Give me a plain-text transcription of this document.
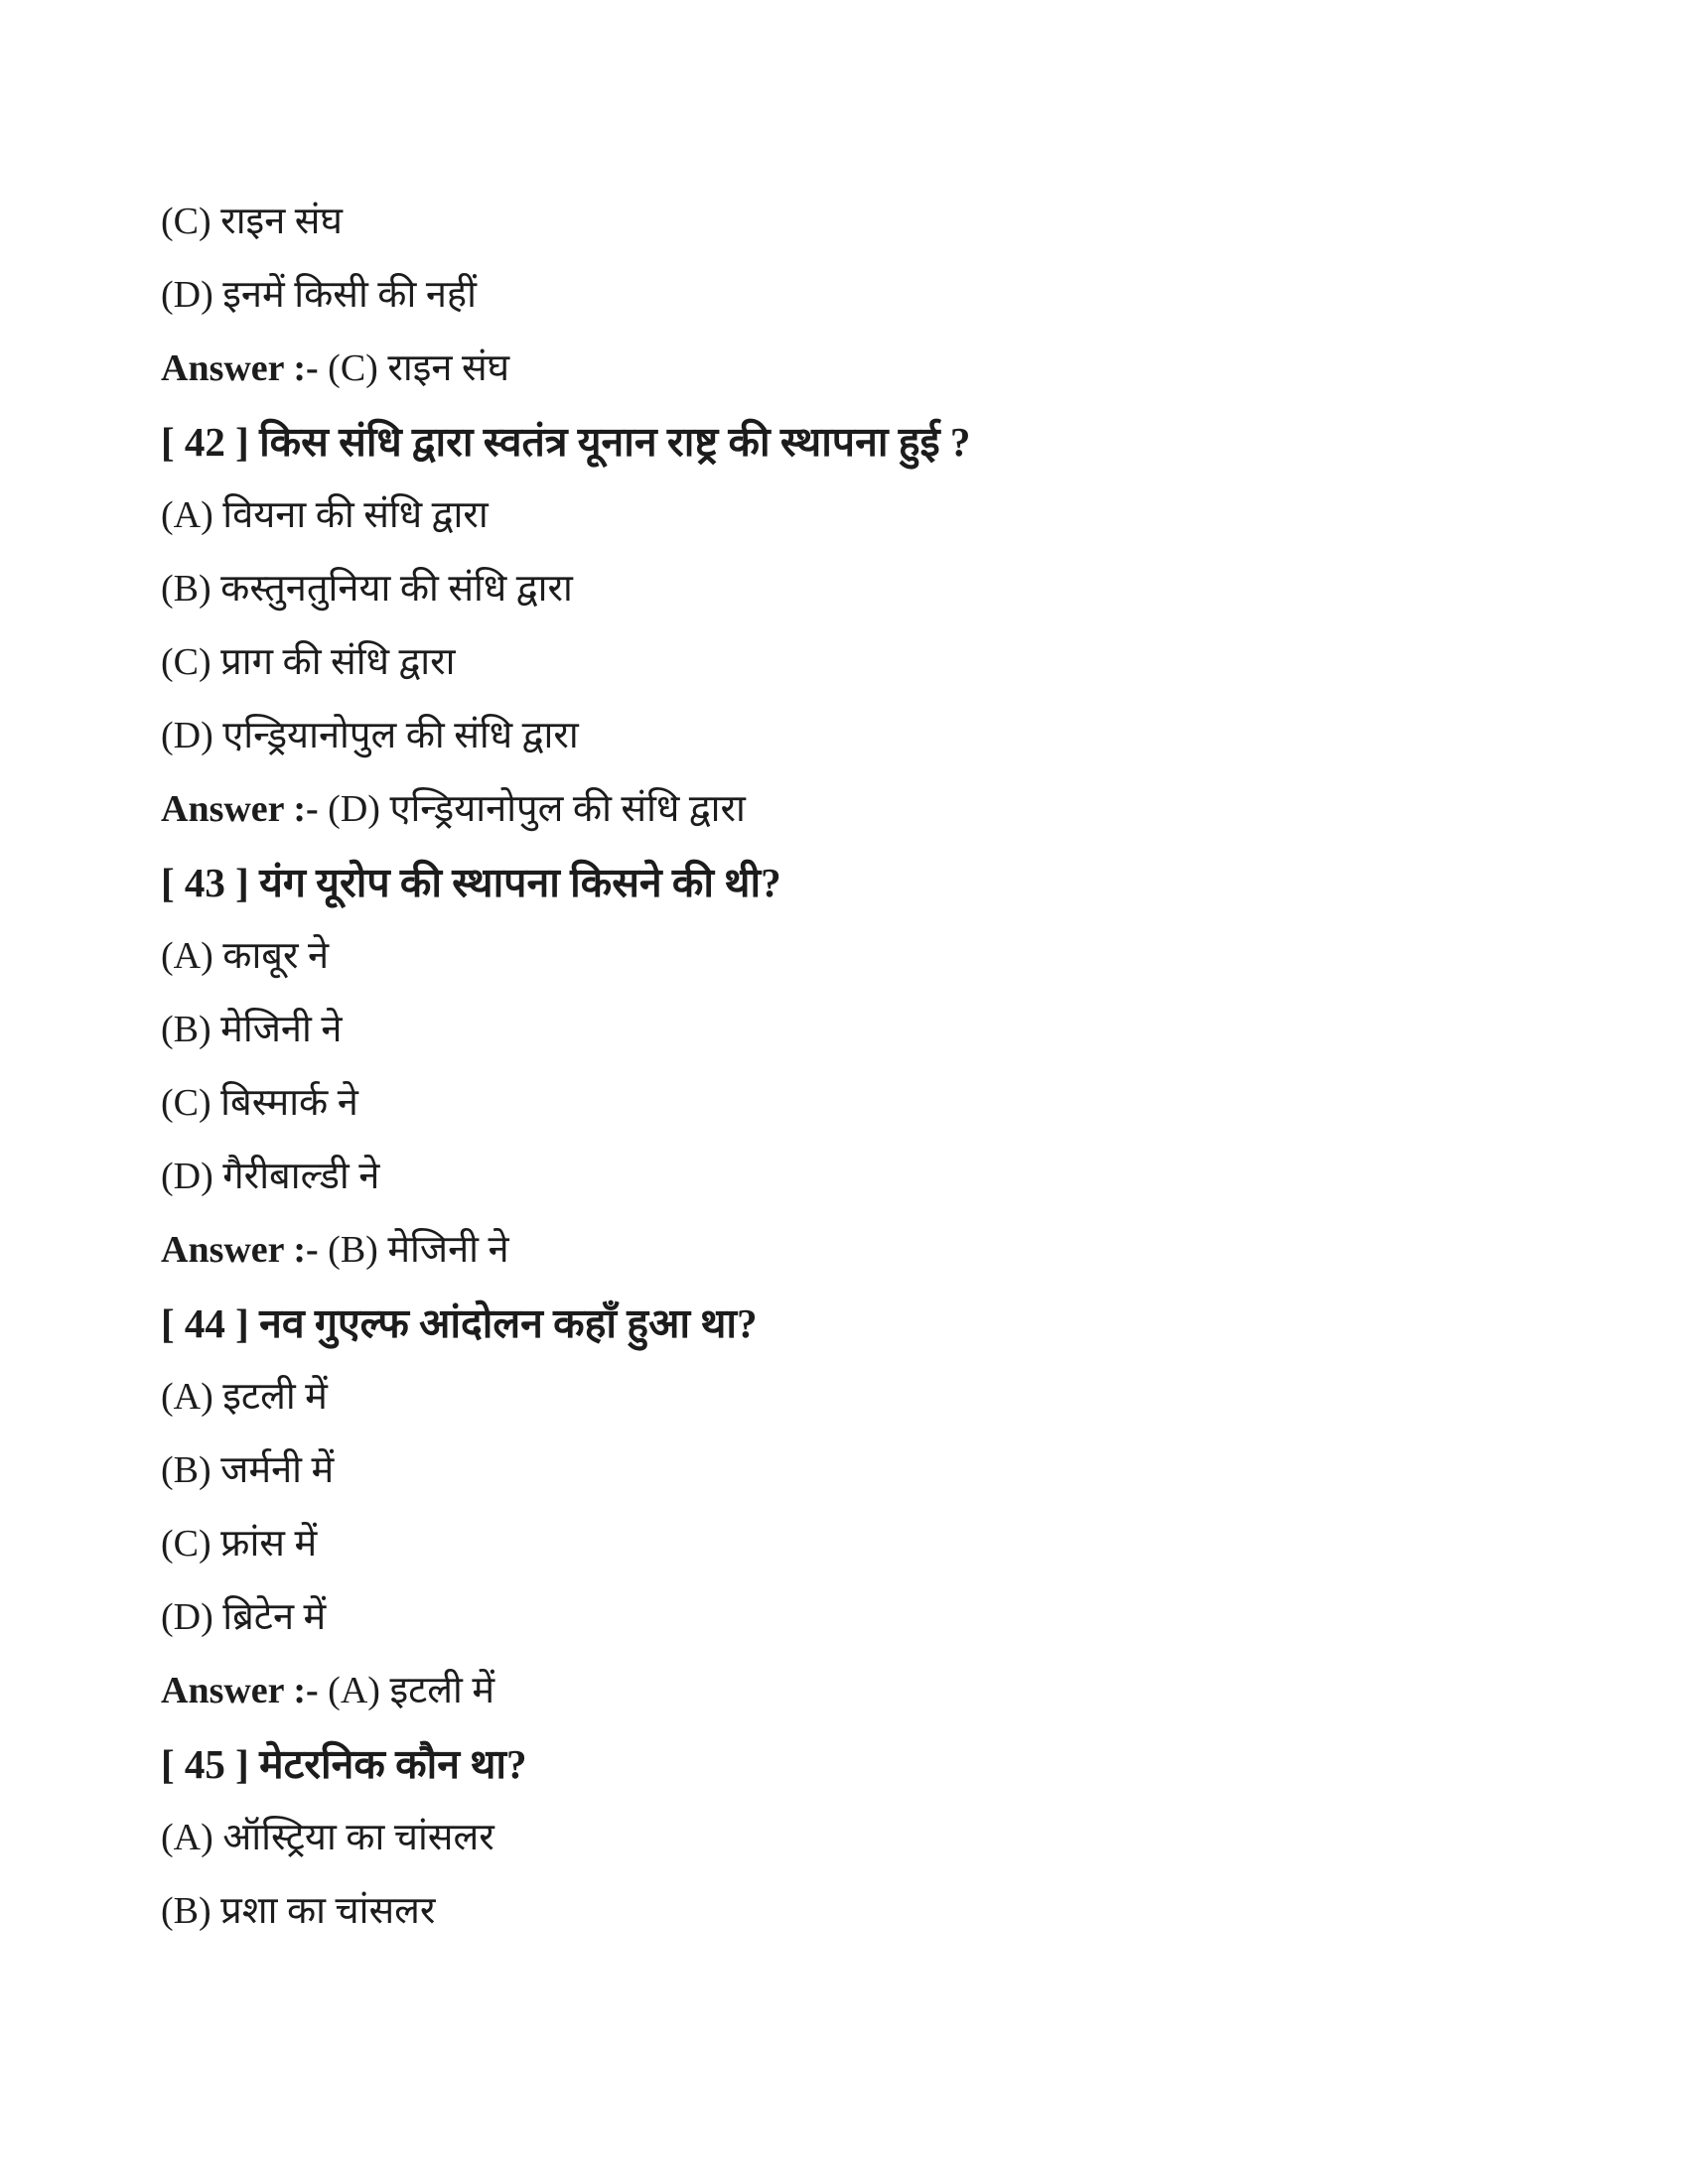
(C) राइन संघ
(D) इनमें किसी की नहीं
Answer :- (C) राइन संघ
[ 42 ] किस संधि द्वारा स्वतंत्र यूनान राष्ट्र की स्थापना हुई ?
(A) वियना की संधि द्वारा
(B) कस्तुनतुनिया की संधि द्वारा
(C) प्राग की संधि द्वारा
(D) एन्ड्रियानोपुल की संधि द्वारा
Answer :- (D) एन्ड्रियानोपुल की संधि द्वारा
[ 43 ] यंग यूरोप की स्थापना किसने की थी?
(A) काबूर ने
(B) मेजिनी ने
(C) बिस्मार्क ने
(D) गैरीबाल्डी ने
Answer :- (B) मेजिनी ने
[ 44 ] नव गुएल्फ आंदोलन कहाँ हुआ था?
(A) इटली में
(B) जर्मनी में
(C) फ्रांस में
(D) ब्रिटेन में
Answer :- (A) इटली में
[ 45 ] मेटरनिक कौन था?
(A) ऑस्ट्रिया का चांसलर
(B) प्रशा का चांसलर
